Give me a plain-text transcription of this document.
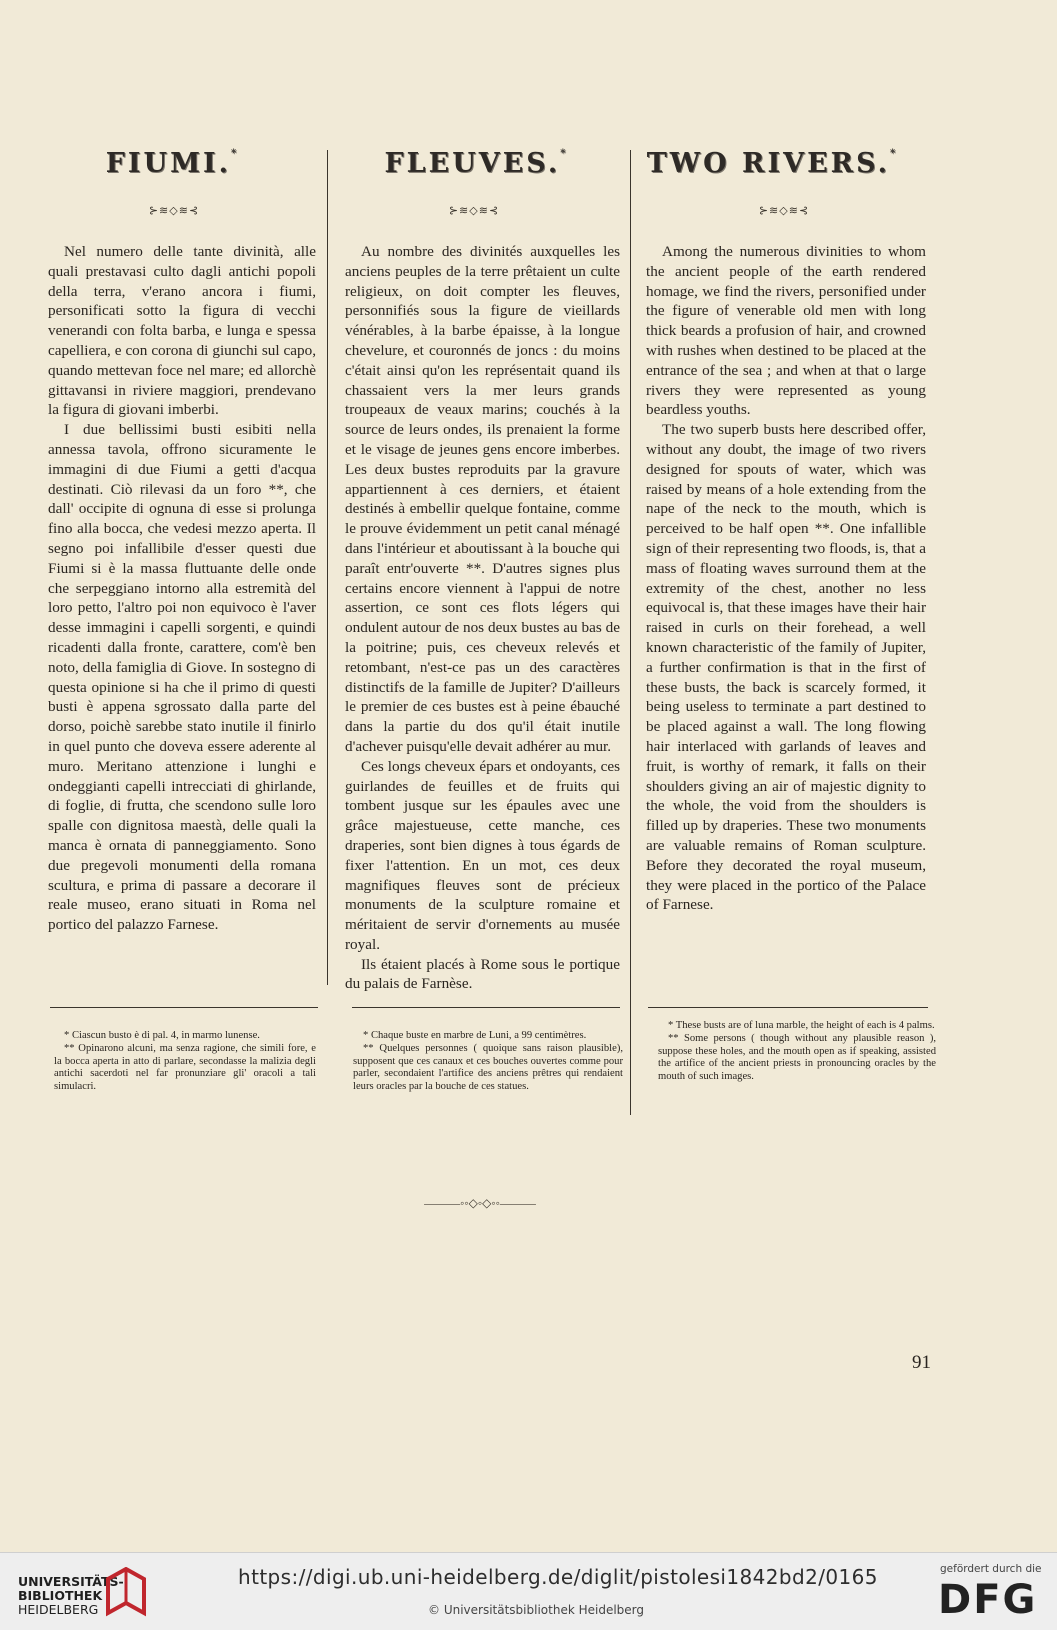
FIUMI.*	FLEUVES.*	TWO RIVERS.*
⊱≋◇≋⊰	⊱≋◇≋⊰	⊱≋◇≋⊰

Nel numero delle tante divinità, alle quali prestavasi culto dagli antichi popoli della terra, v'erano ancora i fiumi, personificati sotto la figura di vecchi venerandi con folta barba, e lunga e spessa capelliera, e con corona di giunchi sul capo, quando mettevan foce nel mare; ed allorchè gittavansi in riviere maggiori, prendevano la figura di giovani imberbi.

I due bellissimi busti esibiti nella annessa tavola, offrono sicuramente le immagini di due Fiumi a getti d'acqua destinati. Ciò rilevasi da un foro **, che dall' occipite di ognuna di esse si prolunga fino alla bocca, che vedesi mezzo aperta. Il segno poi infallibile d'esser questi due Fiumi si è la massa fluttuante delle onde che serpeggiano intorno alla estremità del loro petto, l'altro poi non equivoco è l'aver desse immagini i capelli sorgenti, e quindi ricadenti dalla fronte, carattere, com'è ben noto, della famiglia di Giove. In sostegno di questa opinione si ha che il primo di questi busti è appena sgrossato dalla parte del dorso, poichè sarebbe stato inutile il finirlo in quel punto che doveva essere aderente al muro. Meritano attenzione i lunghi e ondeggianti capelli intrecciati di ghirlande, di foglie, di frutta, che scendono sulle loro spalle con dignitosa maestà, delle quali la manca è ornata di panneggiamento. Sono due pregevoli monumenti della romana scultura, e prima di passare a decorare il reale museo, erano situati in Roma nel portico del palazzo Farnese.

Au nombre des divinités auxquelles les anciens peuples de la terre prêtaient un culte religieux, on doit compter les fleuves, personnifiés sous la figure de vieillards vénérables, à la barbe épaisse, à la longue chevelure, et couronnés de joncs : du moins c'était ainsi qu'on les représentait quand ils chassaient vers la mer leurs grands troupeaux de veaux marins; couchés à la source de leurs ondes, ils prenaient la forme et le visage de jeunes gens encore imberbes. Les deux bustes reproduits par la gravure appartiennent à ces derniers, et étaient destinés à embellir quelque fontaine, comme le prouve évidemment un petit canal ménagé dans l'intérieur et aboutissant à la bouche qui paraît entr'ouverte **. D'autres signes plus certains encore viennent à l'appui de notre assertion, ce sont ces flots légers qui ondulent autour de nos deux bustes au bas de la poitrine; puis, ces cheveux relevés et retombant, n'est-ce pas un des caractères distinctifs de la famille de Jupiter? D'ailleurs le premier de ces bustes est à peine ébauché dans la partie du dos qu'il était inutile d'achever puisqu'elle devait adhérer au mur.

Ces longs cheveux épars et ondoyants, ces guirlandes de feuilles et de fruits qui tombent jusque sur les épaules avec une grâce majestueuse, cette manche, ces draperies, sont bien dignes à tous égards de fixer l'attention. En un mot, ces deux magnifiques fleuves sont de précieux monuments de la sculpture romaine et méritaient de servir d'ornements au musée royal.

Ils étaient placés à Rome sous le portique du palais de Farnèse.

Among the numerous divinities to whom the ancient people of the earth rendered homage, we find the rivers, personified under the figure of venerable old men with long thick beards a profusion of hair, and crowned with rushes when destined to be placed at the entrance of the sea ; and when at that o large rivers they were represented as young beardless youths.

The two superb busts here described offer, without any doubt, the image of two rivers designed for spouts of water, which was raised by means of a hole extending from the nape of the neck to the mouth, which is perceived to be half open **. One infallible sign of their representing two floods, is, that a mass of floating waves surround them at the extremity of the chest, another no less equivocal is, that these images have their hair raised in curls on their forehead, a well known characteristic of the family of Jupiter, a further confirmation is that in the first of these busts, the back is scarcely formed, it being useless to terminate a part destined to be placed against a wall. The long flowing hair interlaced with garlands of leaves and fruit, is worthy of remark, it falls on their shoulders giving an air of majestic dignity to the whole, the void from the shoulders is filled up by draperies. These two monuments are valuable remains of Roman sculpture. Before they decorated the royal museum, they were placed in the portico of the Palace of Farnese.

* Ciascun busto è di pal. 4, in marmo lunense.

** Opinarono alcuni, ma senza ragione, che simili fore, e la bocca aperta in atto di parlare, secondasse la malizia degli antichi sacerdoti nel far pronunziare gli' oracoli a tali simulacri.

* Chaque buste en marbre de Luni, a 99 centimètres.

** Quelques personnes ( quoique sans raison plausible), supposent que ces canaux et ces bouches ouvertes comme pour parler, secondaient l'artifice des anciens prêtres qui rendaient leurs oracles par la bouche de ces statues.

* These busts are of luna marble, the height of each is 4 palms.

** Some persons ( though without any plausible reason ), suppose these holes, and the mouth open as if speaking, assisted the artifice of the ancient priests in pronouncing oracles by the mouth of such images.

———◦◦◇◦◇◦◦———
91
UNIVERSITÄTS-
BIBLIOTHEK
HEIDELBERG
https://digi.ub.uni-heidelberg.de/diglit/pistolesi1842bd2/0165
© Universitätsbibliothek Heidelberg
gefördert durch die
DFG
